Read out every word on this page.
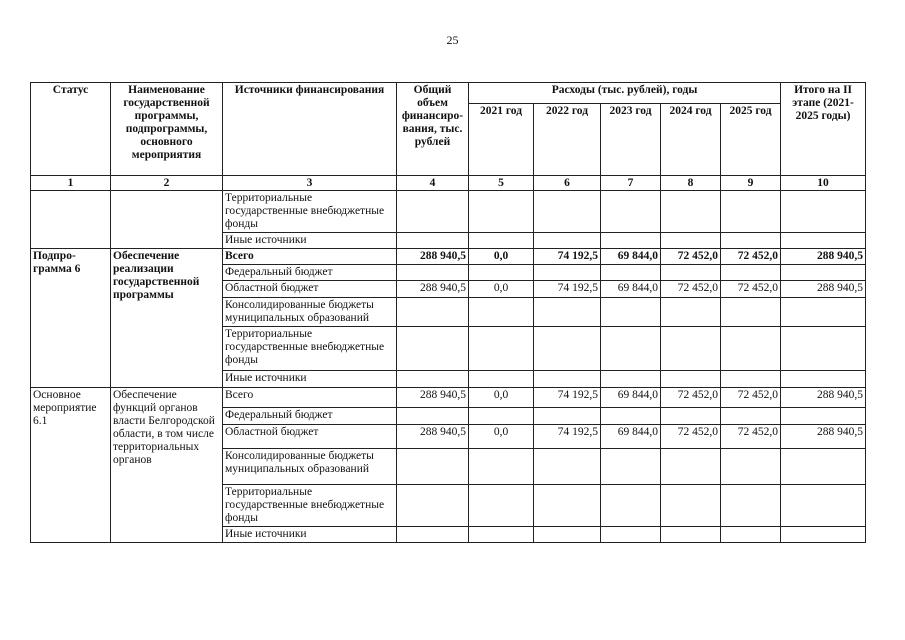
25
Статус	Наименование государственной программы, подпрограммы, основного мероприятия	Источники финансирования	Общий объем финансиро-вания, тыс. рублей	Расходы (тыс. рублей), годы					Итого на II этапе (2021-2025 годы)
				2021 год	2022 год	2023 год	2024 год	2025 год	
1	2	3	4	5	6	7	8	9	10
		Территориальные государственные внебюджетные фонды							
		Иные источники							
Подпро-грамма 6	Обеспечение реализации государственной программы	Всего	288 940,5	0,0	74 192,5	69 844,0	72 452,0	72 452,0	288 940,5
		Федеральный бюджет							
		Областной бюджет	288 940,5	0,0	74 192,5	69 844,0	72 452,0	72 452,0	288 940,5
		Консолидированные бюджеты муниципальных образований							
		Территориальные государственные внебюджетные фонды							
		Иные источники							
Основное мероприятие 6.1	Обеспечение функций органов власти Белгородской области, в том числе территориальных органов	Всего	288 940,5	0,0	74 192,5	69 844,0	72 452,0	72 452,0	288 940,5
		Федеральный бюджет							
		Областной бюджет	288 940,5	0,0	74 192,5	69 844,0	72 452,0	72 452,0	288 940,5
		Консолидированные бюджеты муниципальных образований							
		Территориальные государственные внебюджетные фонды							
		Иные источники							
